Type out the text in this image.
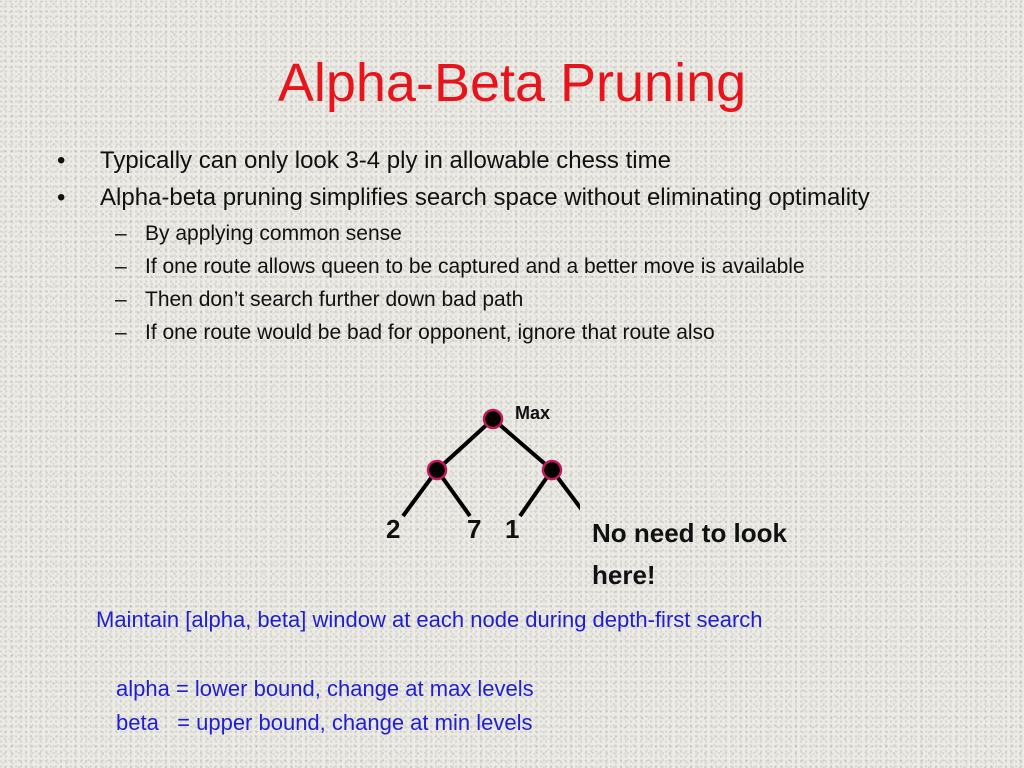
Alpha-Beta Pruning
• Typically can only look 3-4 ply in allowable chess time
• Alpha-beta pruning simplifies search space without eliminating optimality
– By applying common sense
– If one route allows queen to be captured and a better move is available
– Then don’t search further down bad path
– If one route would be bad for opponent, ignore that route also
Max
2	7 1	No need to look here!
Maintain [alpha, beta] window at each node during depth-first search
alpha = lower bound, change at max levels
beta   = upper bound, change at min levels
